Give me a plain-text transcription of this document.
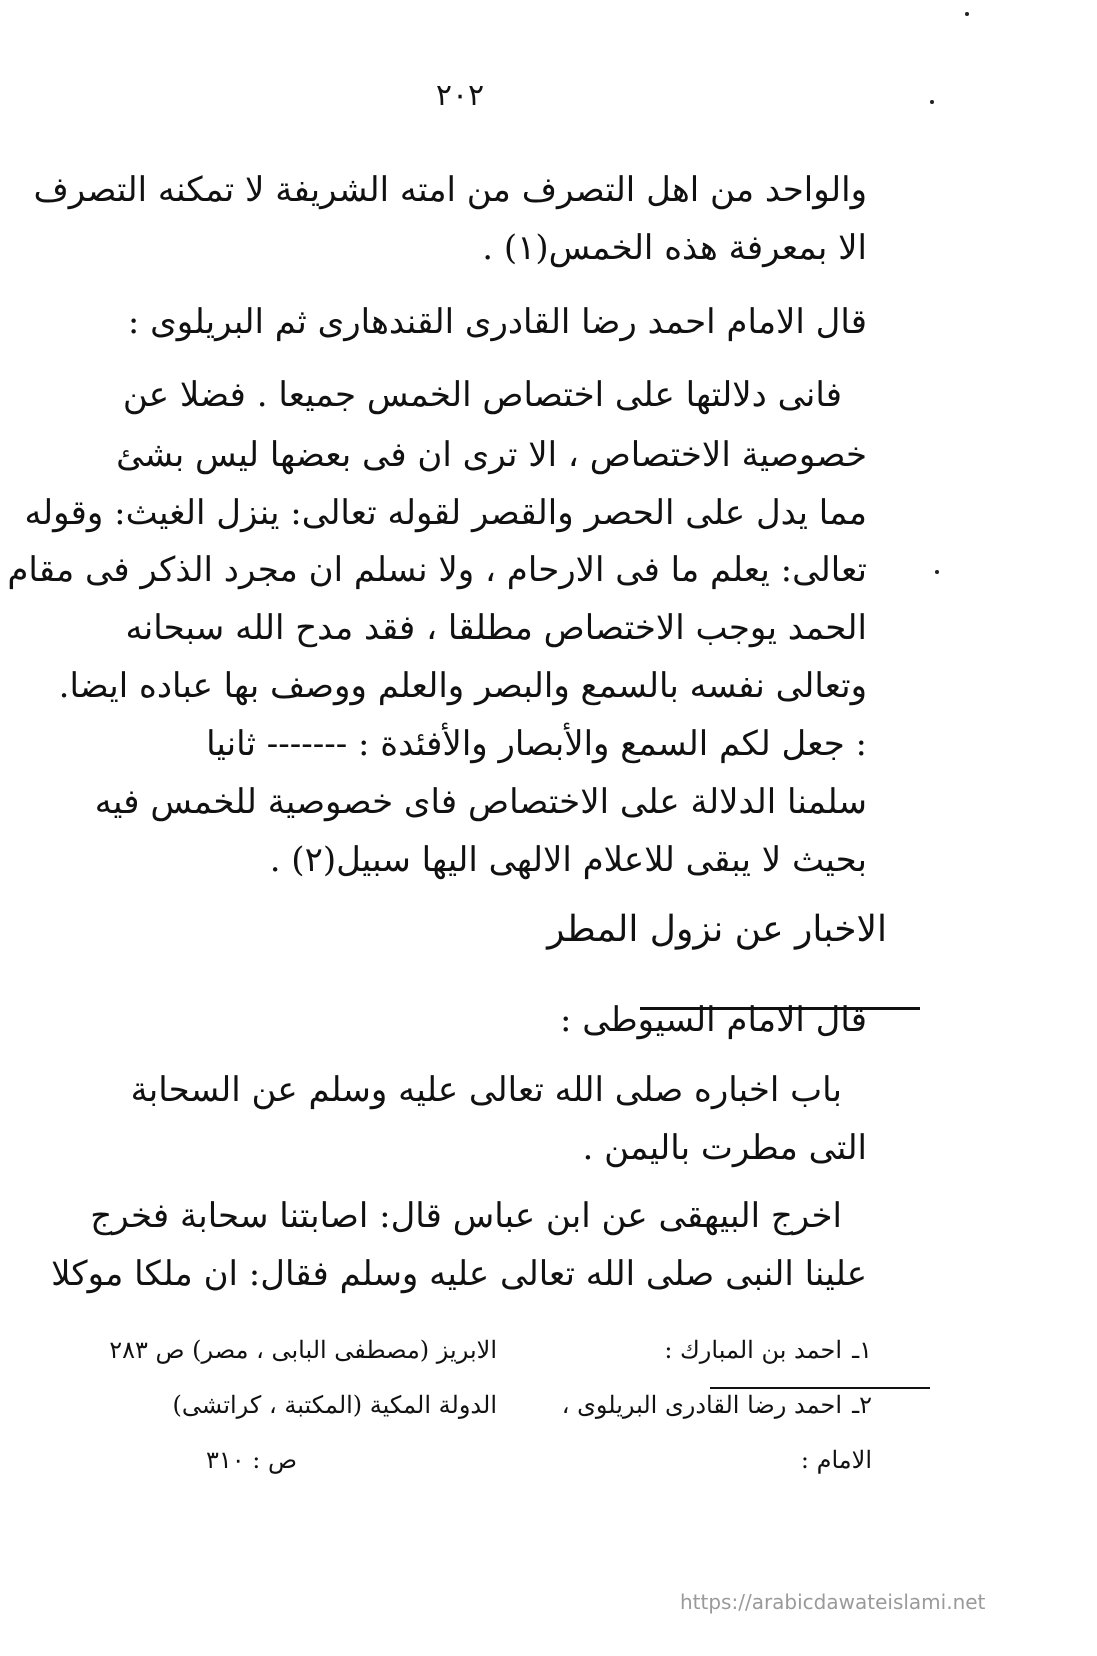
٢٠٢
والواحد من اهل التصرف من امته الشريفة لا تمكنه التصرف
الا بمعرفة هذه الخمس(١) .
قال الامام احمد رضا القادرى القندهارى ثم البريلوى :
فانى دلالتها على اختصاص الخمس جميعا . فضلا عن
خصوصية الاختصاص ، الا ترى ان فى بعضها ليس بشئ
مما يدل على الحصر والقصر لقوله تعالى: ينزل الغيث: وقوله
تعالى: يعلم ما فى الارحام ، ولا نسلم ان مجرد الذكر فى مقام
الحمد يوجب الاختصاص مطلقا ، فقد مدح الله سبحانه
وتعالى نفسه بالسمع والبصر والعلم ووصف بها عباده ايضا.
: جعل لكم السمع والأبصار والأفئدة : ------- ثانيا
سلمنا الدلالة على الاختصاص فاى خصوصية للخمس فيه
بحيث لا يبقى للاعلام الالهى اليها سبيل(٢) .
الاخبار عن نزول المطر
قال الامام السيوطى :
باب اخباره صلى الله تعالى عليه وسلم عن السحابة
التى مطرت باليمن .
اخرج البيهقى عن ابن عباس قال: اصابتنا سحابة فخرج
علينا النبى صلى الله تعالى عليه وسلم فقال: ان ملكا موكلا
١ـ
احمد بن المبارك :
الابريز (مصطفى البابى ، مصر) ص ٢٨٣
٢ـ
احمد رضا القادرى البريلوى ،
الدولة المكية (المكتبة ، كراتشى)
الامام :
ص : ٣١٠
https://arabicdawateislami.net
